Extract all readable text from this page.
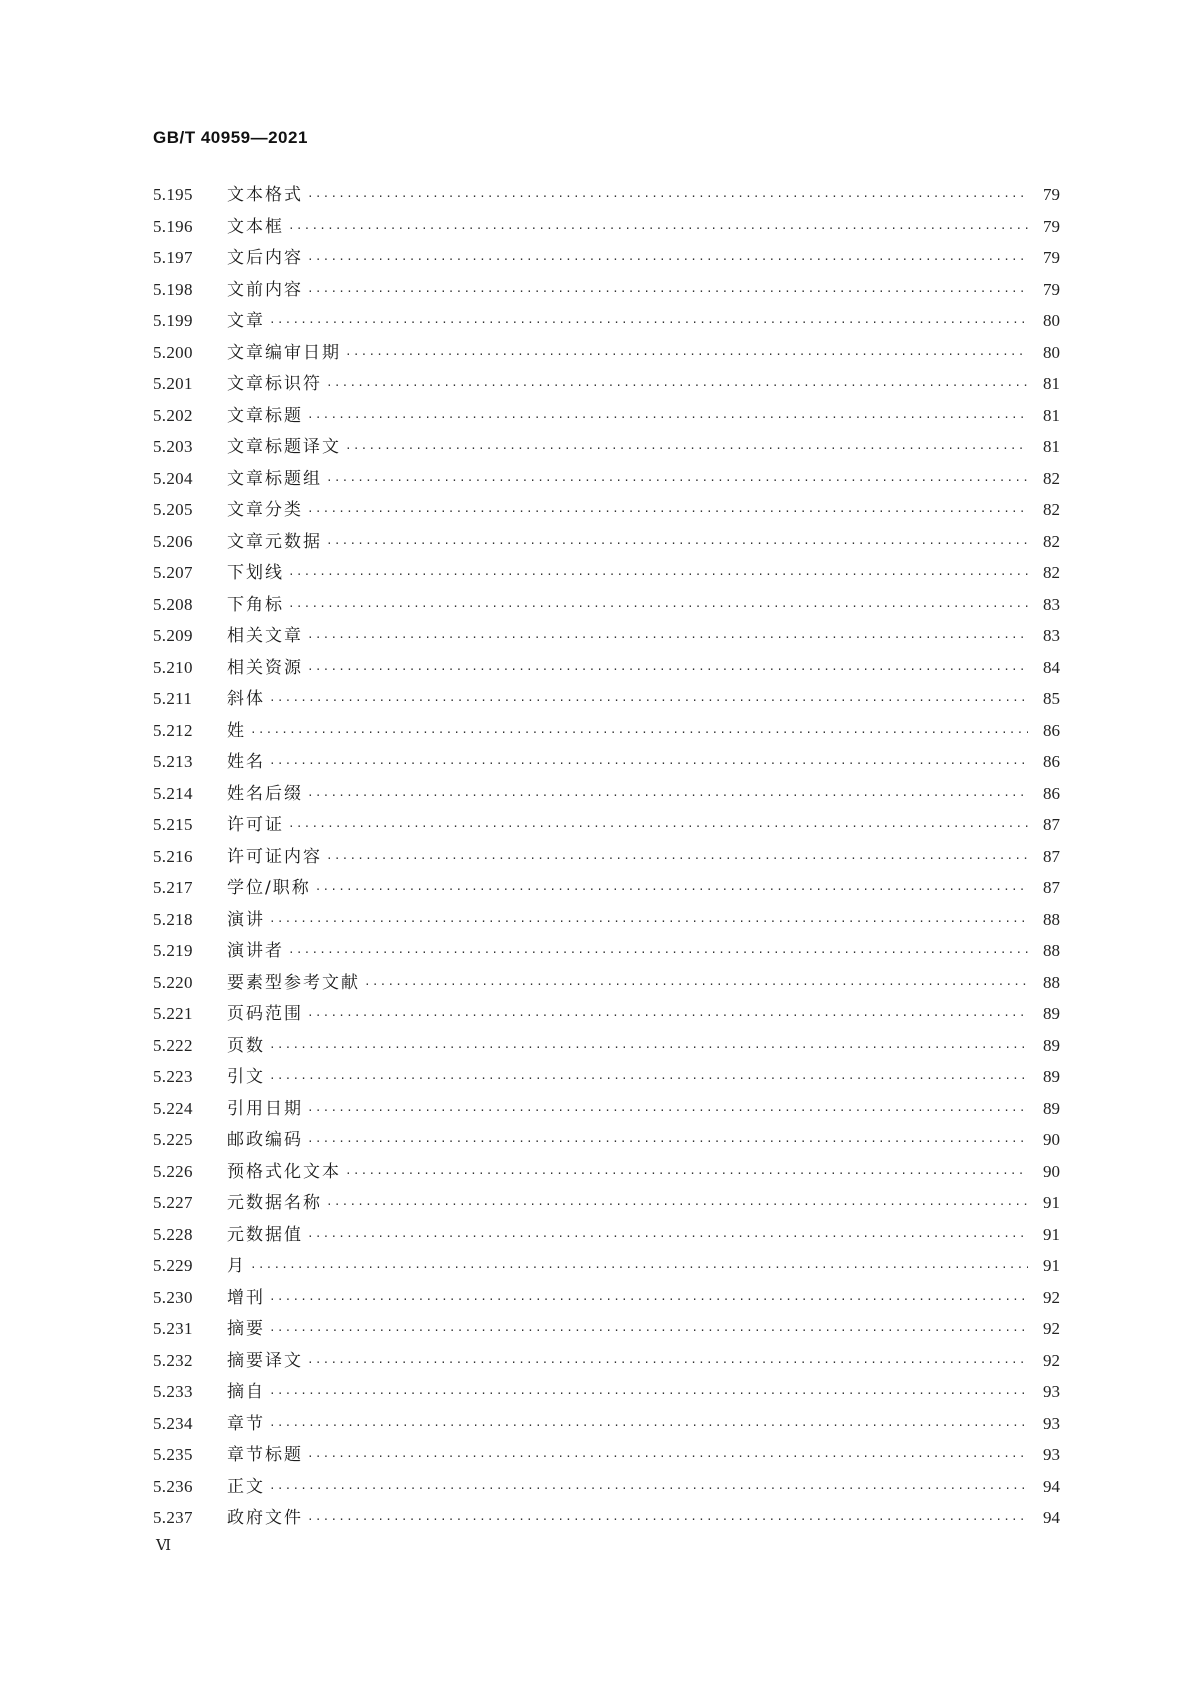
GB/T 40959—2021
5.195	文本格式 ·····	79
5.196	文本框 ·····	79
5.197	文后内容 ·····	79
5.198	文前内容 ·····	79
5.199	文章 ·····	80
5.200	文章编审日期 ·····	80
5.201	文章标识符 ·····	81
5.202	文章标题 ·····	81
5.203	文章标题译文 ·····	81
5.204	文章标题组 ·····	82
5.205	文章分类 ·····	82
5.206	文章元数据 ·····	82
5.207	下划线 ·····	82
5.208	下角标 ·····	83
5.209	相关文章 ·····	83
5.210	相关资源 ·····	84
5.211	斜体 ·····	85
5.212	姓 ·····	86
5.213	姓名 ·····	86
5.214	姓名后缀 ·····	86
5.215	许可证 ·····	87
5.216	许可证内容 ·····	87
5.217	学位/职称 ·····	87
5.218	演讲 ·····	88
5.219	演讲者 ·····	88
5.220	要素型参考文献 ·····	88
5.221	页码范围 ·····	89
5.222	页数 ·····	89
5.223	引文 ·····	89
5.224	引用日期 ·····	89
5.225	邮政编码 ·····	90
5.226	预格式化文本 ·····	90
5.227	元数据名称 ·····	91
5.228	元数据值 ·····	91
5.229	月 ·····	91
5.230	增刊 ·····	92
5.231	摘要 ·····	92
5.232	摘要译文 ·····	92
5.233	摘自 ·····	93
5.234	章节 ·····	93
5.235	章节标题 ·····	93
5.236	正文 ·····	94
5.237	政府文件 ·····	94
Ⅵ
